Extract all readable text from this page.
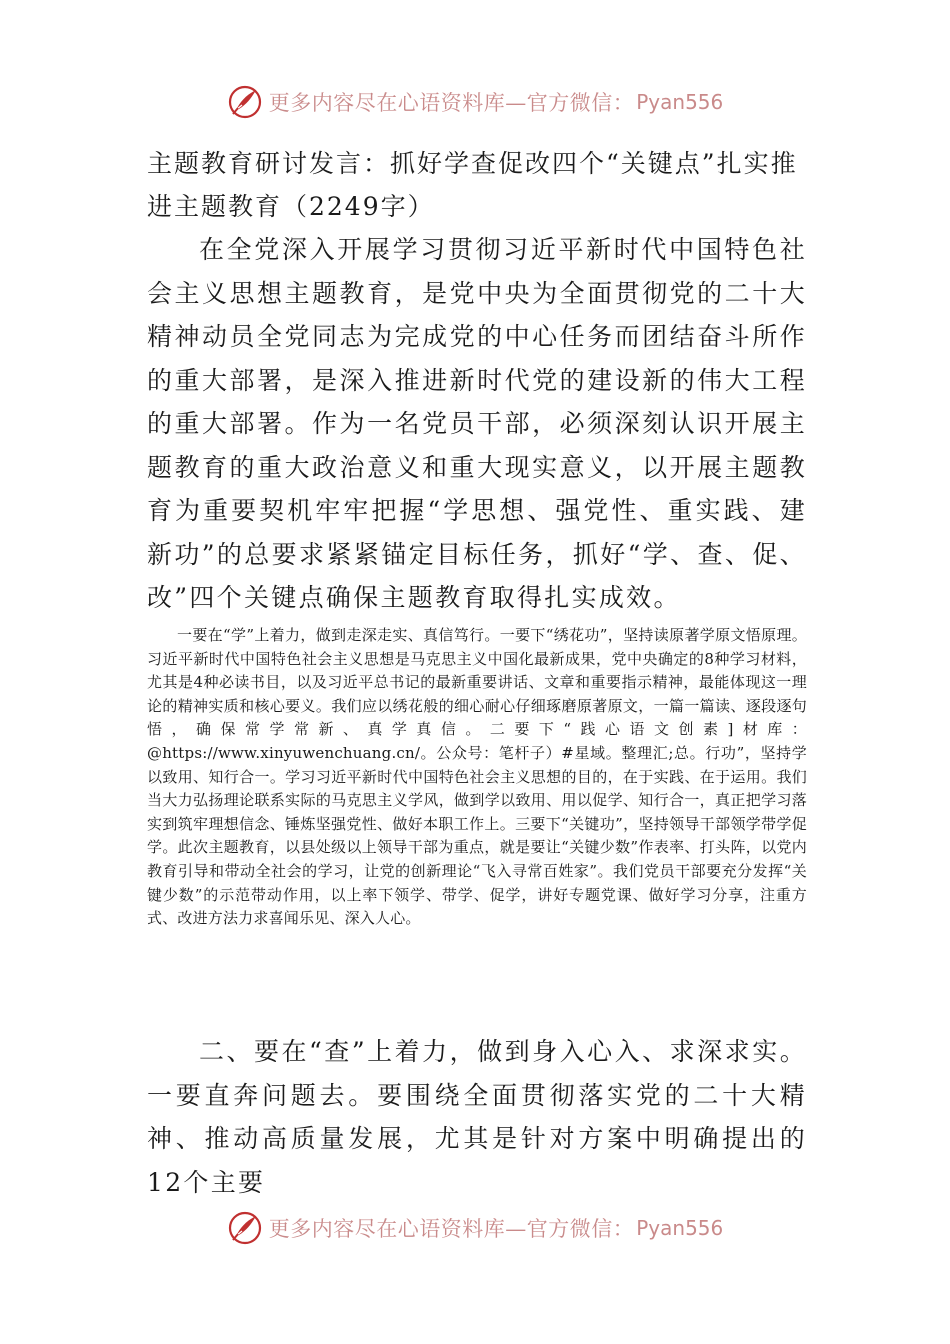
更多内容尽在心语资料库—官方微信： Pyan556
主题教育研讨发言：抓好学查促改四个“关键点”扎实推进主题教育（2249字）

在全党深入开展学习贯彻习近平新时代中国特色社会主义思想主题教育，是党中央为全面贯彻党的二十大精神动员全党同志为完成党的中心任务而团结奋斗所作的重大部署，是深入推进新时代党的建设新的伟大工程的重大部署。作为一名党员干部，必须深刻认识开展主题教育的重大政治意义和重大现实意义，以开展主题教育为重要契机牢牢把握“学思想、强党性、重实践、建新功”的总要求紧紧锚定目标任务，抓好“学、查、促、改”四个关键点确保主题教育取得扎实成效。

一要在“学”上着力，做到走深走实、真信笃行。一要下“绣花功”，坚持读原著学原文悟原理。习近平新时代中国特色社会主义思想是马克思主义中国化最新成果，党中央确定的8种学习材料，尤其是4种必读书目，以及习近平总书记的最新重要讲话、文章和重要指示精神，最能体现这一理论的精神实质和核心要义。我们应以绣花般的细心耐心仔细琢磨原著原文，一篇一篇读、逐段逐句悟，确保常学常新、真学真信。二要下“践心语文创素]材库：@https://www.xinyuwenchuang.cn/。公众号：笔杆子）#星域。整理汇;总。行功”，坚持学以致用、知行合一。学习习近平新时代中国特色社会主义思想的目的，在于实践、在于运用。我们当大力弘扬理论联系实际的马克思主义学风，做到学以致用、用以促学、知行合一，真正把学习落实到筑牢理想信念、锤炼坚强党性、做好本职工作上。三要下“关键功”，坚持领导干部领学带学促学。此次主题教育，以县处级以上领导干部为重点，就是要让“关键少数”作表率、打头阵，以党内教育引导和带动全社会的学习，让党的创新理论“飞入寻常百姓家”。我们党员干部要充分发挥“关键少数”的示范带动作用，以上率下领学、带学、促学，讲好专题党课、做好学习分享，注重方式、改进方法力求喜闻乐见、深入人心。

二、要在“查”上着力，做到身入心入、求深求实。一要直奔问题去。要围绕全面贯彻落实党的二十大精神、推动高质量发展，尤其是针对方案中明确提出的12个主要

更多内容尽在心语资料库—官方微信： Pyan556
